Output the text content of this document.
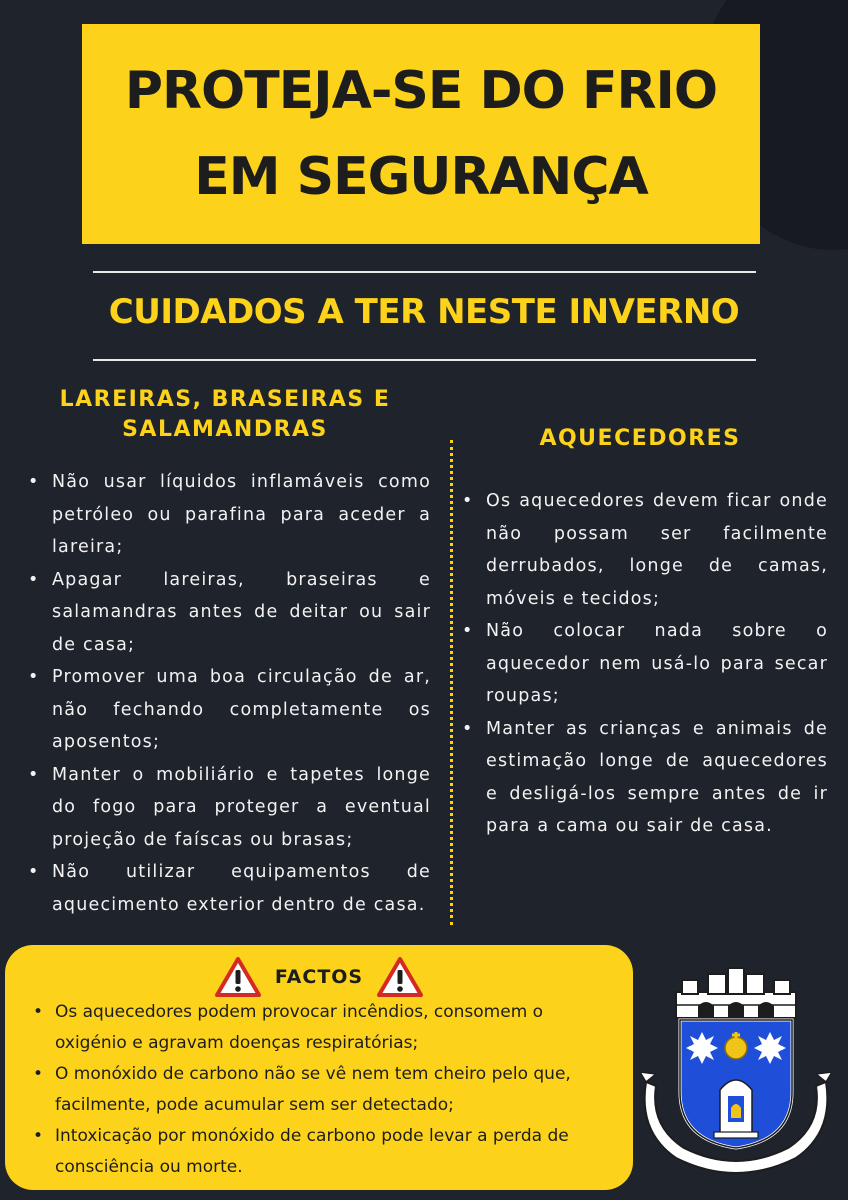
PROTEJA-SE DO FRIO
EM SEGURANÇA
CUIDADOS A TER NESTE INVERNO
LAREIRAS, BRASEIRAS E
SALAMANDRAS	AQUECEDORES
• Não usar líquidos inflamáveis como petróleo ou parafina para aceder a lareira;
• Apagar lareiras, braseiras e salamandras antes de deitar ou sair de casa;
• Promover uma boa circulação de ar, não fechando completamente os aposentos;
• Manter o mobiliário e tapetes longe do fogo para proteger a eventual projeção de faíscas ou brasas;
• Não utilizar equipamentos de aquecimento exterior dentro de casa.
• Os aquecedores devem ficar onde não possam ser facilmente derrubados, longe de camas, móveis e tecidos;
• Não colocar nada sobre o aquecedor nem usá-lo para secar roupas;
• Manter as crianças e animais de estimação longe de aquecedores e desligá-los sempre antes de ir para a cama ou sair de casa.
FACTOS
• Os aquecedores podem provocar incêndios, consomem o oxigénio e agravam doenças respiratórias;
• O monóxido de carbono não se vê nem tem cheiro pelo que, facilmente, pode acumular sem ser detectado;
• Intoxicação por monóxido de carbono pode levar a perda de consciência ou morte.
